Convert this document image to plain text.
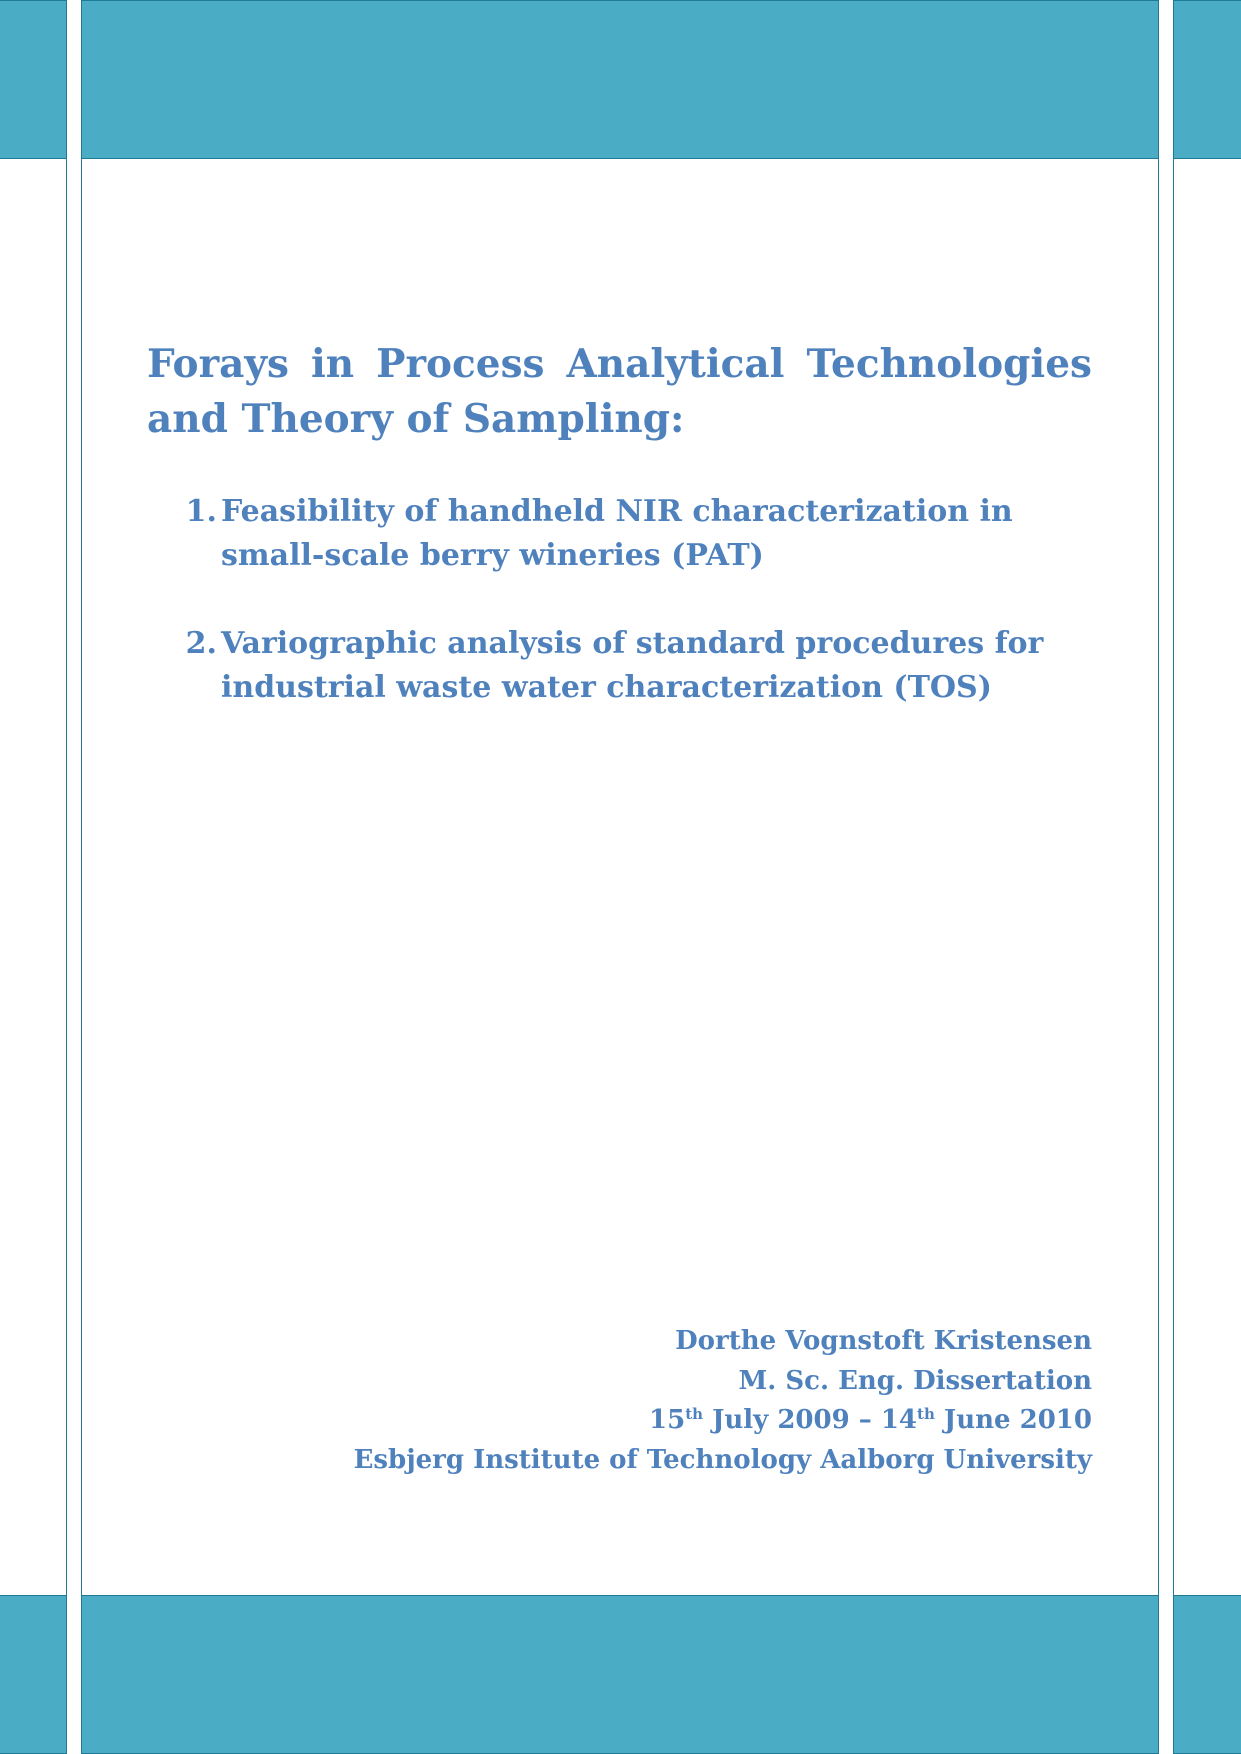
Forays in Process Analytical Technologies and Theory of Sampling:
1. Feasibility of handheld NIR characterization in small-scale berry wineries (PAT)
2. Variographic analysis of standard procedures for industrial waste water characterization (TOS)
Dorthe Vognstoft Kristensen
M. Sc. Eng. Dissertation
15th July 2009 – 14th June 2010
Esbjerg Institute of Technology Aalborg University
